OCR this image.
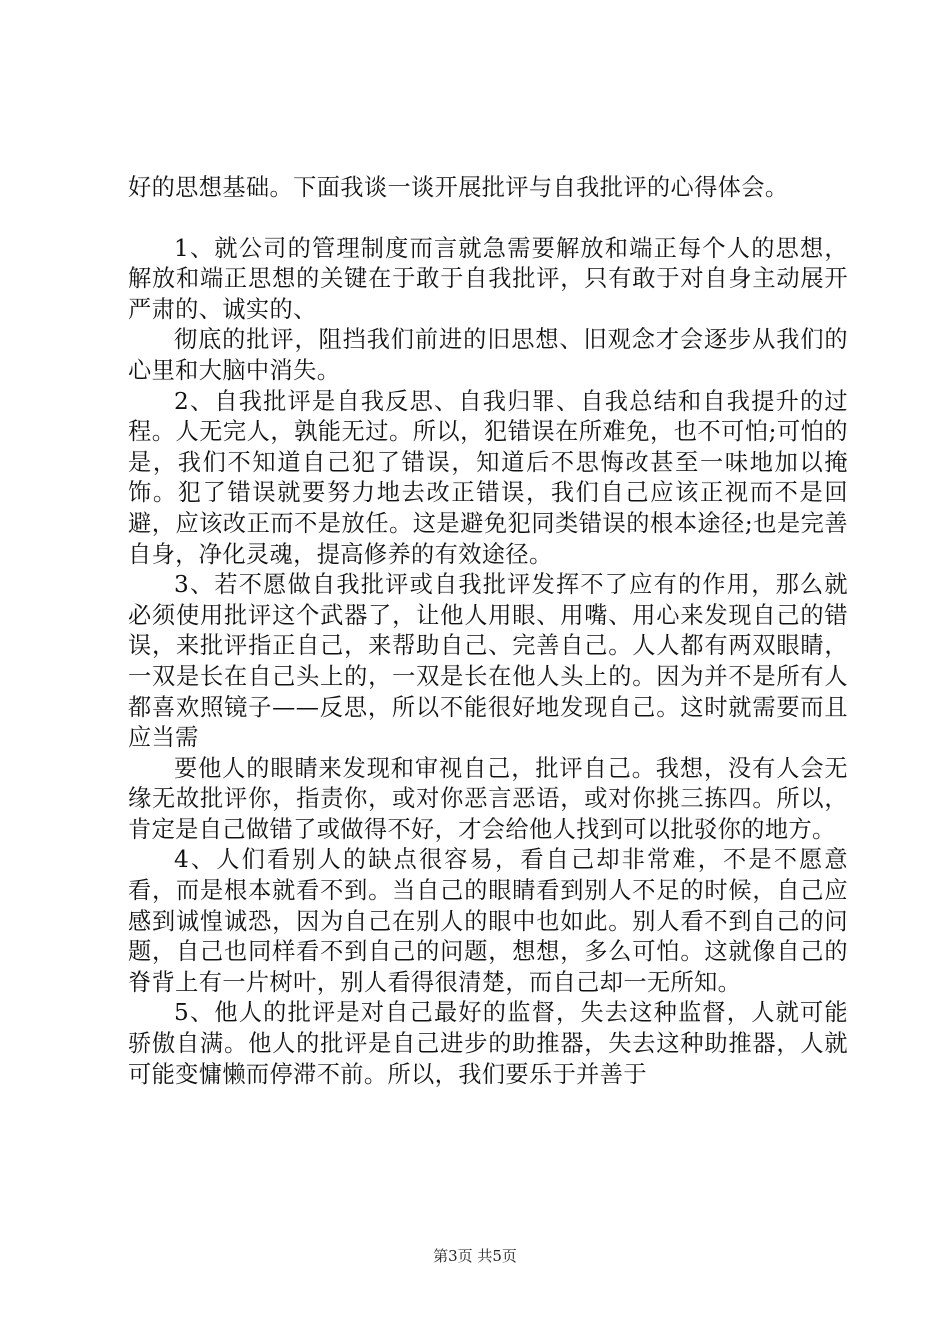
好的思想基础。下面我谈一谈开展批评与自我批评的心得体会。

1、就公司的管理制度而言就急需要解放和端正每个人的思想，解放和端正思想的关键在于敢于自我批评，只有敢于对自身主动展开严肃的、诚实的、

彻底的批评，阻挡我们前进的旧思想、旧观念才会逐步从我们的心里和大脑中消失。

2、自我批评是自我反思、自我归罪、自我总结和自我提升的过程。人无完人，孰能无过。所以，犯错误在所难免，也不可怕;可怕的是，我们不知道自己犯了错误，知道后不思悔改甚至一味地加以掩饰。犯了错误就要努力地去改正错误，我们自己应该正视而不是回避，应该改正而不是放任。这是避免犯同类错误的根本途径;也是完善自身，净化灵魂，提高修养的有效途径。

3、若不愿做自我批评或自我批评发挥不了应有的作用，那么就必须使用批评这个武器了，让他人用眼、用嘴、用心来发现自己的错误，来批评指正自己，来帮助自己、完善自己。人人都有两双眼睛，一双是长在自己头上的，一双是长在他人头上的。因为并不是所有人都喜欢照镜子——反思，所以不能很好地发现自己。这时就需要而且应当需

要他人的眼睛来发现和审视自己，批评自己。我想，没有人会无缘无故批评你，指责你，或对你恶言恶语，或对你挑三拣四。所以，肯定是自己做错了或做得不好，才会给他人找到可以批驳你的地方。

4、人们看别人的缺点很容易，看自己却非常难，不是不愿意看，而是根本就看不到。当自己的眼睛看到别人不足的时候，自己应感到诚惶诚恐，因为自己在别人的眼中也如此。别人看不到自己的问题，自己也同样看不到自己的问题，想想，多么可怕。这就像自己的脊背上有一片树叶，别人看得很清楚，而自己却一无所知。

5、他人的批评是对自己最好的监督，失去这种监督，人就可能骄傲自满。他人的批评是自己进步的助推器，失去这种助推器，人就可能变慵懒而停滞不前。所以，我们要乐于并善于

第3页 共5页
